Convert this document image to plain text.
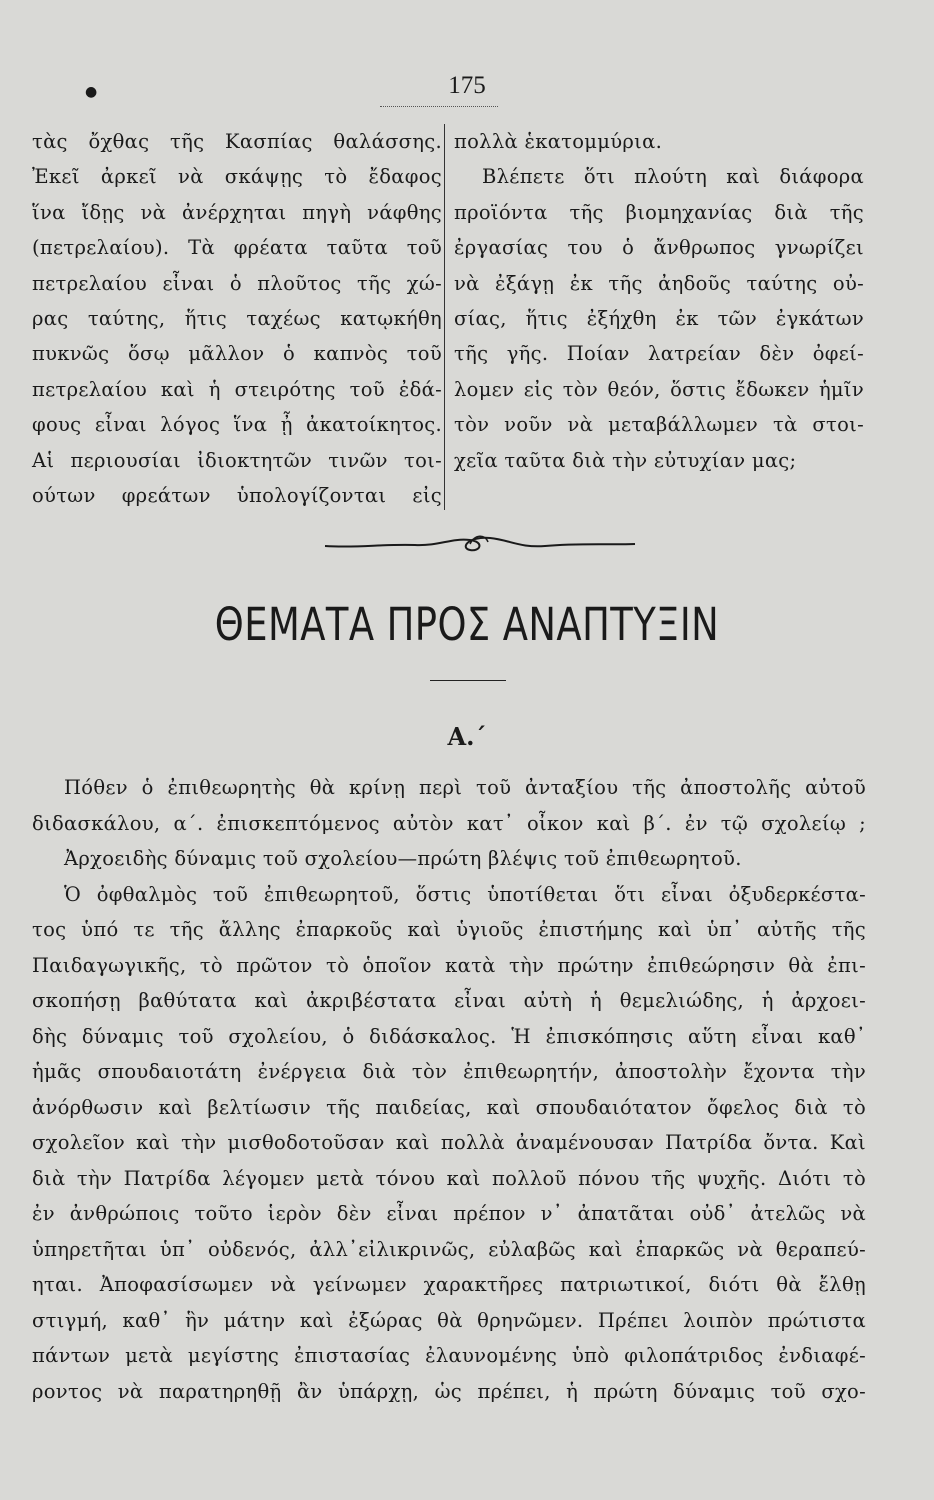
●	175
τὰς ὄχθας τῆς Κασπίας θαλάσσης.
Ἐκεῖ ἀρκεῖ νὰ σκάψῃς τὸ ἔδαφος
ἵνα ἴδῃς νὰ ἀνέρχηται πηγὴ νάφθης
(πετρελαίου). Τὰ φρέατα ταῦτα τοῦ
πετρελαίου εἶναι ὁ πλοῦτος τῆς χώ-
ρας ταύτης, ἥτις ταχέως κατῳκήθη
πυκνῶς ὅσῳ μᾶλλον ὁ καπνὸς τοῦ
πετρελαίου καὶ ἡ στειρότης τοῦ ἐδά-
φους εἶναι λόγος ἵνα ᾖ ἀκατοίκητος.
Αἱ περιουσίαι ἰδιοκτητῶν τινῶν τοι-
ούτων φρεάτων ὑπολογίζονται εἰς
πολλὰ ἑκατομμύρια.
Βλέπετε ὅτι πλούτη καὶ διάφορα
προϊόντα τῆς βιομηχανίας διὰ τῆς
ἐργασίας του ὁ ἄνθρωπος γνωρίζει
νὰ ἐξάγῃ ἐκ τῆς ἀηδοῦς ταύτης οὐ-
σίας, ἥτις ἐξήχθη ἐκ τῶν ἐγκάτων
τῆς γῆς. Ποίαν λατρείαν δὲν ὀφεί-
λομεν εἰς τὸν θεόν, ὅστις ἔδωκεν ἡμῖν
τὸν νοῦν νὰ μεταβάλλωμεν τὰ στοι-
χεῖα ταῦτα διὰ τὴν εὐτυχίαν μας;
ΘΕΜΑΤΑ ΠΡΟΣ ΑΝΑΠΤΥΞΙΝ
Α.΄
Πόθεν ὁ ἐπιθεωρητὴς θὰ κρίνῃ περὶ τοῦ ἀνταξίου τῆς ἀποστολῆς αὐτοῦ
διδασκάλου, α΄. ἐπισκεπτόμενος αὐτὸν κατ᾽ οἶκον καὶ β΄. ἐν τῷ σχολείῳ ;
Ἀρχοειδὴς δύναμις τοῦ σχολείου—πρώτη βλέψις τοῦ ἐπιθεωρητοῦ.
Ὁ ὀφθαλμὸς τοῦ ἐπιθεωρητοῦ, ὅστις ὑποτίθεται ὅτι εἶναι ὀξυδερκέστα-
τος ὑπό τε τῆς ἄλλης ἐπαρκοῦς καὶ ὑγιοῦς ἐπιστήμης καὶ ὑπ᾽ αὐτῆς τῆς
Παιδαγωγικῆς, τὸ πρῶτον τὸ ὁποῖον κατὰ τὴν πρώτην ἐπιθεώρησιν θὰ ἐπι-
σκοπήσῃ βαθύτατα καὶ ἀκριβέστατα εἶναι αὐτὴ ἡ θεμελιώδης, ἡ ἀρχοει-
δὴς δύναμις τοῦ σχολείου, ὁ διδάσκαλος. Ἡ ἐπισκόπησις αὕτη εἶναι καθ᾽
ἡμᾶς σπουδαιοτάτη ἐνέργεια διὰ τὸν ἐπιθεωρητήν, ἀποστολὴν ἔχοντα τὴν
ἀνόρθωσιν καὶ βελτίωσιν τῆς παιδείας, καὶ σπουδαιότατον ὄφελος διὰ τὸ
σχολεῖον καὶ τὴν μισθοδοτοῦσαν καὶ πολλὰ ἀναμένουσαν Πατρίδα ὄντα. Καὶ
διὰ τὴν Πατρίδα λέγομεν μετὰ τόνου καὶ πολλοῦ πόνου τῆς ψυχῆς. Διότι τὸ
ἐν ἀνθρώποις τοῦτο ἱερὸν δὲν εἶναι πρέπον ν᾽ ἀπατᾶται οὐδ᾽ ἀτελῶς νὰ
ὑπηρετῆται ὑπ᾽ οὐδενός, ἀλλ᾽εἰλικρινῶς, εὐλαβῶς καὶ ἐπαρκῶς νὰ θεραπεύ-
ηται. Ἀποφασίσωμεν νὰ γείνωμεν χαρακτῆρες πατριωτικοί, διότι θὰ ἔλθῃ
στιγμή, καθ᾽ ἣν μάτην καὶ ἐξώρας θὰ θρηνῶμεν. Πρέπει λοιπὸν πρώτιστα
πάντων μετὰ μεγίστης ἐπιστασίας ἐλαυνομένης ὑπὸ φιλοπάτριδος ἐνδιαφέ-
ροντος νὰ παρατηρηθῇ ἂν ὑπάρχῃ, ὡς πρέπει, ἡ πρώτη δύναμις τοῦ σχο-
